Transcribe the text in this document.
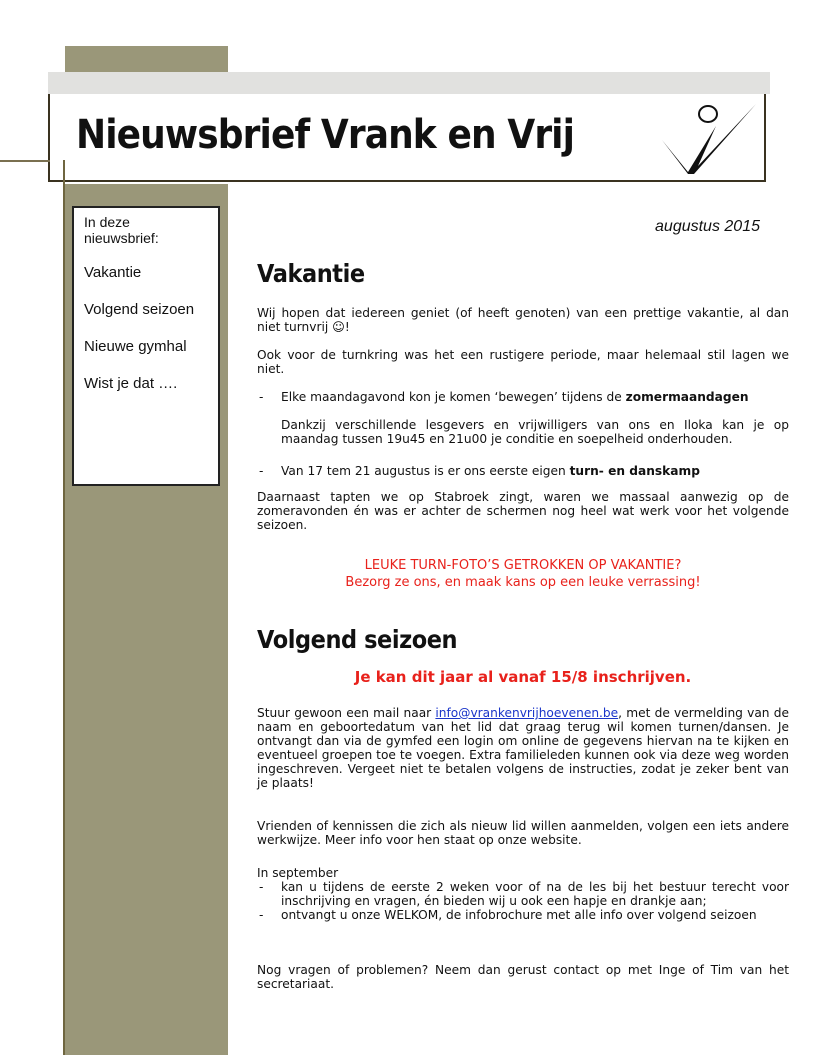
Nieuwsbrief Vrank en Vrij

In deze nieuwsbrief:

Vakantie

Volgend seizoen

Nieuwe gymhal

Wist je dat ….

augustus 2015
Vakantie

Wij hopen dat iedereen geniet (of heeft genoten) van een prettige vakantie, al dan niet turnvrij ☺!

Ook voor de turnkring was het een rustigere periode, maar helemaal stil lagen we niet.

- Elke maandagavond kon je komen ‘bewegen’ tijdens de zomermaandagen

Dankzij verschillende lesgevers en vrijwilligers van ons en Iloka kan je op maandag tussen 19u45 en 21u00 je conditie en soepelheid onderhouden.

- Van 17 tem 21 augustus is er ons eerste eigen turn- en danskamp

Daarnaast tapten we op Stabroek zingt, waren we massaal aanwezig op de zomeravonden én was er achter de schermen nog heel wat werk voor het volgende seizoen.

LEUKE TURN-FOTO’S GETROKKEN OP VAKANTIE?

Bezorg ze ons, en maak kans op een leuke verrassing!

Volgend seizoen

Je kan dit jaar al vanaf 15/8 inschrijven.

Stuur gewoon een mail naar info@vrankenvrijhoevenen.be, met de vermelding van de naam en geboortedatum van het lid dat graag terug wil komen turnen/dansen. Je ontvangt dan via de gymfed een login om online de gegevens hiervan na te kijken en eventueel groepen toe te voegen. Extra familieleden kunnen ook via deze weg worden ingeschreven. Vergeet niet te betalen volgens de instructies, zodat je zeker bent van je plaats!

Vrienden of kennissen die zich als nieuw lid willen aanmelden, volgen een iets andere werkwijze. Meer info voor hen staat op onze website.

In september

- kan u tijdens de eerste 2 weken voor of na de les bij het bestuur terecht voor inschrijving en vragen, én bieden wij u ook een hapje en drankje aan;

- ontvangt u onze WELKOM, de infobrochure met alle info over volgend seizoen

Nog vragen of problemen? Neem dan gerust contact op met Inge of Tim van het secretariaat.
